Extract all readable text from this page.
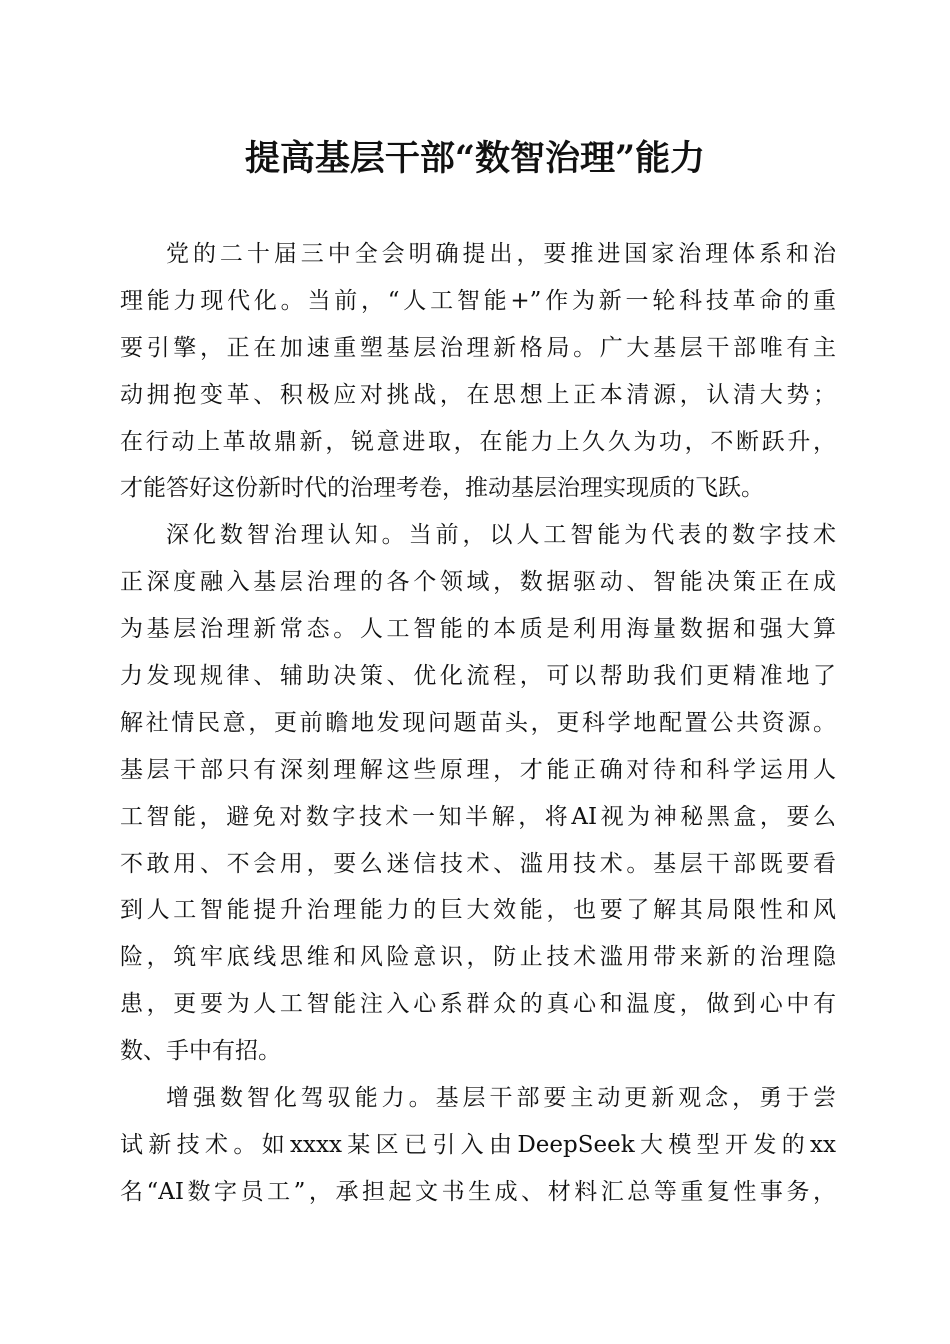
提高基层干部“数智治理”能力
党的二十届三中全会明确提出，要推进国家治理体系和治
理能力现代化。当前，“人工智能+”作为新一轮科技革命的重
要引擎，正在加速重塑基层治理新格局。广大基层干部唯有主
动拥抱变革、积极应对挑战，在思想上正本清源，认清大势；
在行动上革故鼎新，锐意进取，在能力上久久为功，不断跃升，
才能答好这份新时代的治理考卷，推动基层治理实现质的飞跃。
深化数智治理认知。当前，以人工智能为代表的数字技术
正深度融入基层治理的各个领域，数据驱动、智能决策正在成
为基层治理新常态。人工智能的本质是利用海量数据和强大算
力发现规律、辅助决策、优化流程，可以帮助我们更精准地了
解社情民意，更前瞻地发现问题苗头，更科学地配置公共资源。
基层干部只有深刻理解这些原理，才能正确对待和科学运用人
工智能，避免对数字技术一知半解，将AI视为神秘黑盒，要么
不敢用、不会用，要么迷信技术、滥用技术。基层干部既要看
到人工智能提升治理能力的巨大效能，也要了解其局限性和风
险，筑牢底线思维和风险意识，防止技术滥用带来新的治理隐
患，更要为人工智能注入心系群众的真心和温度，做到心中有
数、手中有招。
增强数智化驾驭能力。基层干部要主动更新观念，勇于尝
试新技术。如xxxx某区已引入由DeepSeek大模型开发的xx
名“AI数字员工”，承担起文书生成、材料汇总等重复性事务，
